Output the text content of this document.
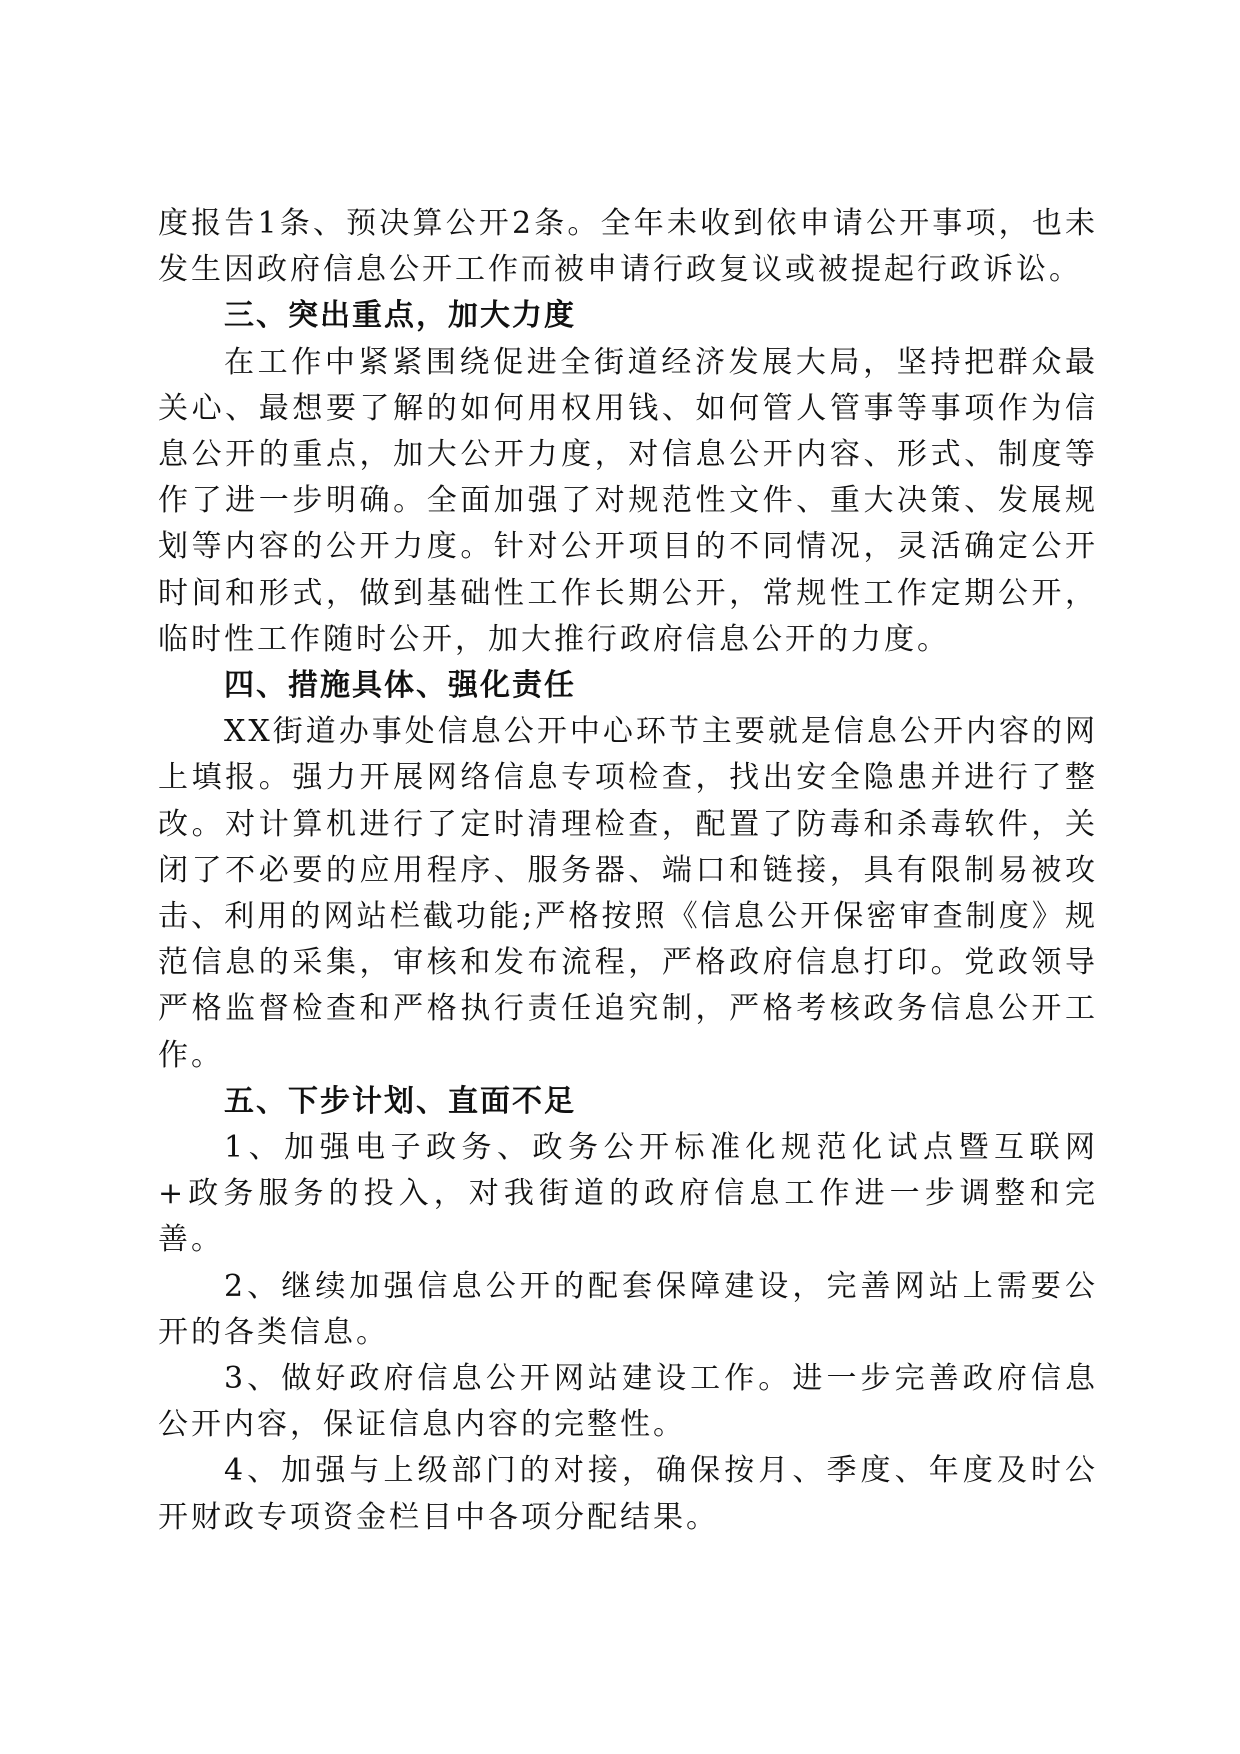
度报告1条、预决算公开2条。全年未收到依申请公开事项，也未发生因政府信息公开工作而被申请行政复议或被提起行政诉讼。

三、突出重点，加大力度

在工作中紧紧围绕促进全街道经济发展大局，坚持把群众最关心、最想要了解的如何用权用钱、如何管人管事等事项作为信息公开的重点，加大公开力度，对信息公开内容、形式、制度等作了进一步明确。全面加强了对规范性文件、重大决策、发展规划等内容的公开力度。针对公开项目的不同情况，灵活确定公开时间和形式，做到基础性工作长期公开，常规性工作定期公开，临时性工作随时公开，加大推行政府信息公开的力度。

四、措施具体、强化责任

XX街道办事处信息公开中心环节主要就是信息公开内容的网上填报。强力开展网络信息专项检查，找出安全隐患并进行了整改。对计算机进行了定时清理检查，配置了防毒和杀毒软件，关闭了不必要的应用程序、服务器、端口和链接，具有限制易被攻击、利用的网站栏截功能;严格按照《信息公开保密审查制度》规范信息的采集，审核和发布流程，严格政府信息打印。党政领导严格监督检查和严格执行责任追究制，严格考核政务信息公开工作。

五、下步计划、直面不足

1、加强电子政务、政务公开标准化规范化试点暨互联网+政务服务的投入，对我街道的政府信息工作进一步调整和完善。

2、继续加强信息公开的配套保障建设，完善网站上需要公开的各类信息。

3、做好政府信息公开网站建设工作。进一步完善政府信息公开内容，保证信息内容的完整性。

4、加强与上级部门的对接，确保按月、季度、年度及时公开财政专项资金栏目中各项分配结果。
